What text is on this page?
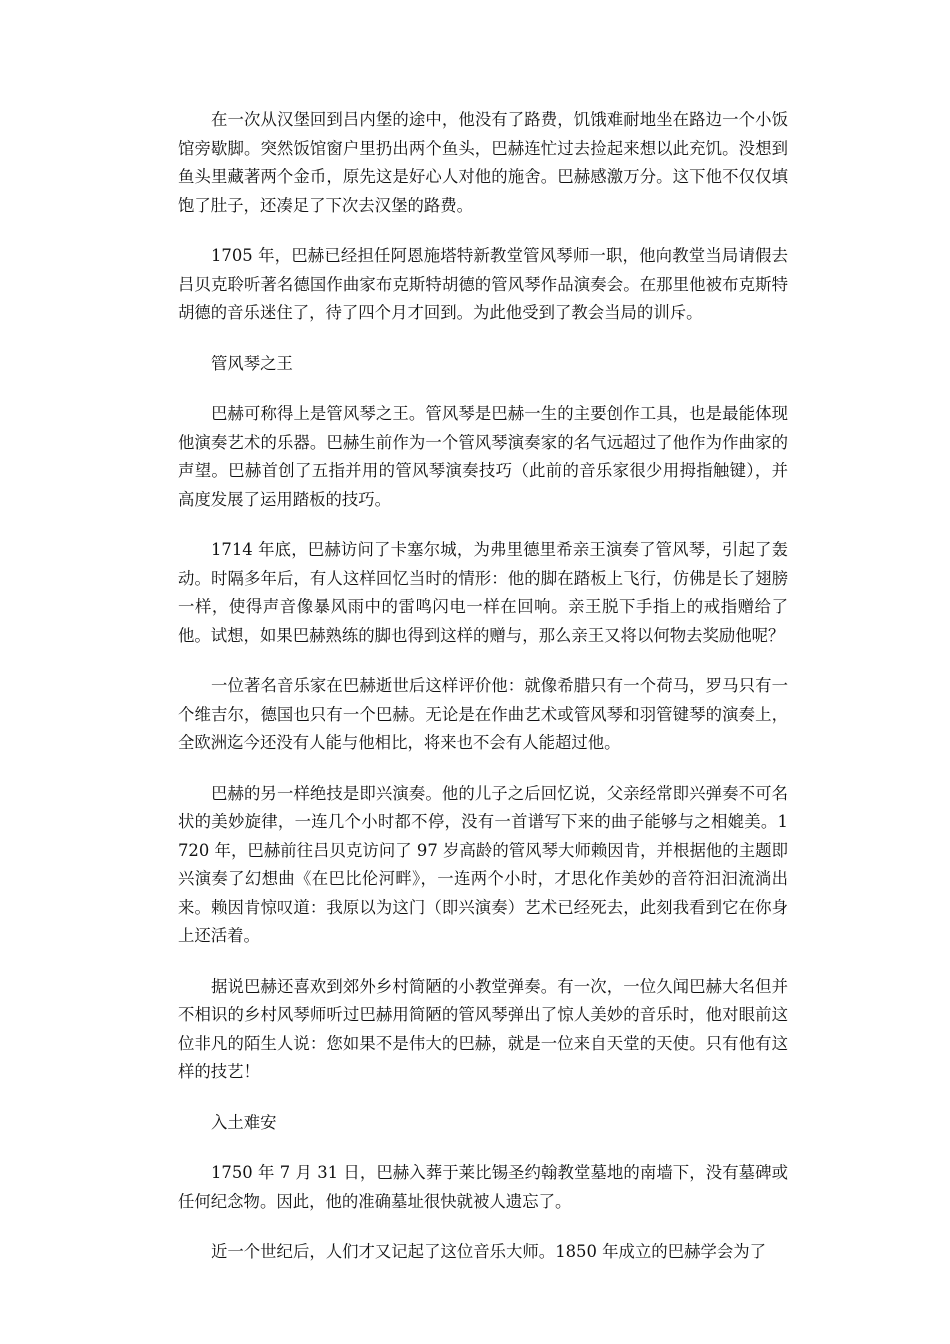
在一次从汉堡回到吕内堡的途中，他没有了路费，饥饿难耐地坐在路边一个小饭馆旁歇脚。突然饭馆窗户里扔出两个鱼头，巴赫连忙过去捡起来想以此充饥。没想到鱼头里藏著两个金币，原先这是好心人对他的施舍。巴赫感激万分。这下他不仅仅填饱了肚子，还凑足了下次去汉堡的路费。

1705 年，巴赫已经担任阿恩施塔特新教堂管风琴师一职，他向教堂当局请假去吕贝克聆听著名德国作曲家布克斯特胡德的管风琴作品演奏会。在那里他被布克斯特胡德的音乐迷住了，待了四个月才回到。为此他受到了教会当局的训斥。

管风琴之王

巴赫可称得上是管风琴之王。管风琴是巴赫一生的主要创作工具，也是最能体现他演奏艺术的乐器。巴赫生前作为一个管风琴演奏家的名气远超过了他作为作曲家的声望。巴赫首创了五指并用的管风琴演奏技巧（此前的音乐家很少用拇指触键），并高度发展了运用踏板的技巧。

1714 年底，巴赫访问了卡塞尔城，为弗里德里希亲王演奏了管风琴，引起了轰动。时隔多年后，有人这样回忆当时的情形：他的脚在踏板上飞行，仿佛是长了翅膀一样，使得声音像暴风雨中的雷鸣闪电一样在回响。亲王脱下手指上的戒指赠给了他。试想，如果巴赫熟练的脚也得到这样的赠与，那么亲王又将以何物去奖励他呢？

一位著名音乐家在巴赫逝世后这样评价他：就像希腊只有一个荷马，罗马只有一个维吉尔，德国也只有一个巴赫。无论是在作曲艺术或管风琴和羽管键琴的演奏上，全欧洲迄今还没有人能与他相比，将来也不会有人能超过他。

巴赫的另一样绝技是即兴演奏。他的儿子之后回忆说，父亲经常即兴弹奏不可名状的美妙旋律，一连几个小时都不停，没有一首谱写下来的曲子能够与之相媲美。1720 年，巴赫前往吕贝克访问了 97 岁高龄的管风琴大师赖因肯，并根据他的主题即兴演奏了幻想曲《在巴比伦河畔》，一连两个小时，才思化作美妙的音符汩汩流淌出来。赖因肯惊叹道：我原以为这门（即兴演奏）艺术已经死去，此刻我看到它在你身上还活着。

据说巴赫还喜欢到郊外乡村简陋的小教堂弹奏。有一次，一位久闻巴赫大名但并不相识的乡村风琴师听过巴赫用简陋的管风琴弹出了惊人美妙的音乐时，他对眼前这位非凡的陌生人说：您如果不是伟大的巴赫，就是一位来自天堂的天使。只有他有这样的技艺！

入土难安

1750 年 7 月 31 日，巴赫入葬于莱比锡圣约翰教堂墓地的南墙下，没有墓碑或任何纪念物。因此，他的准确墓址很快就被人遗忘了。

近一个世纪后，人们才又记起了这位音乐大师。1850 年成立的巴赫学会为了
